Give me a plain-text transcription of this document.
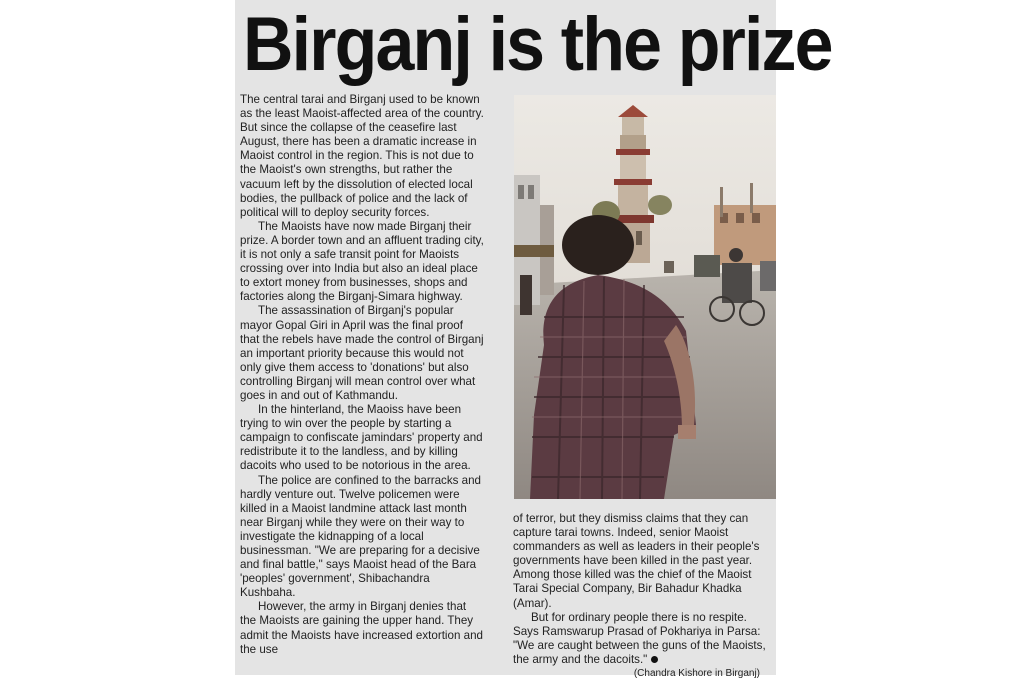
Birganj is the prize

The central tarai and Birganj used to be known as the least Maoist-affected area of the country. But since the collapse of the ceasefire last August, there has been a dramatic increase in Maoist control in the region. This is not due to the Maoist's own strengths, but rather the vacuum left by the dissolution of elected local bodies, the pullback of police and the lack of political will to deploy security forces.

The Maoists have now made Birganj their prize. A border town and an affluent trading city, it is not only a safe transit point for Maoists crossing over into India but also an ideal place to extort money from businesses, shops and factories along the Birganj-Simara highway.

The assassination of Birganj's popular mayor Gopal Giri in April was the final proof that the rebels have made the control of Birganj an important priority because this would not only give them access to 'donations' but also controlling Birganj will mean control over what goes in and out of Kathmandu.

In the hinterland, the Maoiss have been trying to win over the people by starting a campaign to confiscate jamindars' property and redistribute it to the landless, and by killing dacoits who used to be notorious in the area.

The police are confined to the barracks and hardly venture out. Twelve policemen were killed in a Maoist landmine attack last month near Birganj while they were on their way to investigate the kidnapping of a local businessman. "We are preparing for a decisive and final battle," says Maoist head of the Bara 'peoples' government', Shibachandra Kushbaha.

However, the army in Birganj denies that the Maoists are gaining the upper hand. They admit the Maoists have increased extortion and the use

of terror, but they dismiss claims that they can capture tarai towns. Indeed, senior Maoist commanders as well as leaders in their people's governments have been killed in the past year. Among those killed was the chief of the Maoist Tarai Special Company, Bir Bahadur Khadka (Amar).

But for ordinary people there is no respite. Says Ramswarup Prasad of Pokhariya in Parsa: "We are caught between the guns of the Maoists, the army and the dacoits."
(Chandra Kishore in Birganj)
